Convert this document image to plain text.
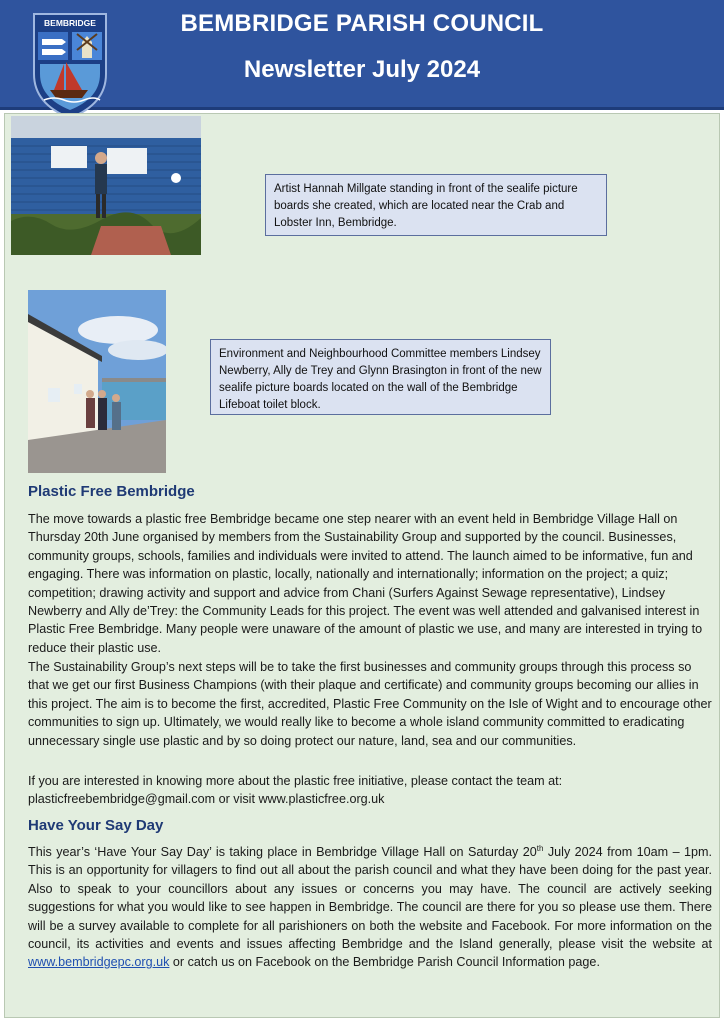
BEMBRIDGE	BEMBRIDGE PARISH COUNCIL
Newsletter July 2024
Artist Hannah Millgate standing in front of the sealife picture boards she created, which are located near the Crab and Lobster Inn, Bembridge.
Environment and Neighbourhood Committee members Lindsey Newberry, Ally de Trey and Glynn Brasington in front of the new sealife picture boards located on the wall of the Bembridge Lifeboat toilet block.
Plastic Free Bembridge
The move towards a plastic free Bembridge became one step nearer with an event held in Bembridge Village Hall on Thursday 20th June organised by members from the Sustainability Group and supported by the council. Businesses, community groups, schools, families and individuals were invited to attend. The launch aimed to be informative, fun and engaging. There was information on plastic, locally, nationally and internationally; information on the project; a quiz; competition; drawing activity and support and advice from Chani (Surfers Against Sewage representative), Lindsey Newberry and Ally de’Trey: the Community Leads for this project. The event was well attended and galvanised interest in Plastic Free Bembridge. Many people were unaware of the amount of plastic we use, and many are interested in trying to reduce their plastic use.
The Sustainability Group’s next steps will be to take the first businesses and community groups through this process so that we get our first Business Champions (with their plaque and certificate) and community groups becoming our allies in this project. The aim is to become the first, accredited, Plastic Free Community on the Isle of Wight and to encourage other communities to sign up. Ultimately, we would really like to become a whole island community committed to eradicating unnecessary single use plastic and by so doing protect our nature, land, sea and our communities.
If you are interested in knowing more about the plastic free initiative, please contact the team at: plasticfreebembridge@gmail.com or visit www.plasticfree.org.uk
Have Your Say Day
This year’s ‘Have Your Say Day’ is taking place in Bembridge Village Hall on Saturday 20th July 2024 from 10am – 1pm. This is an opportunity for villagers to find out all about the parish council and what they have been doing for the past year. Also to speak to your councillors about any issues or concerns you may have. The council are actively seeking suggestions for what you would like to see happen in Bembridge. The council are there for you so please use them. There will be a survey available to complete for all parishioners on both the website and Facebook. For more information on the council, its activities and events and issues affecting Bembridge and the Island generally, please visit the website at www.bembridgepc.org.uk or catch us on Facebook on the Bembridge Parish Council Information page.
